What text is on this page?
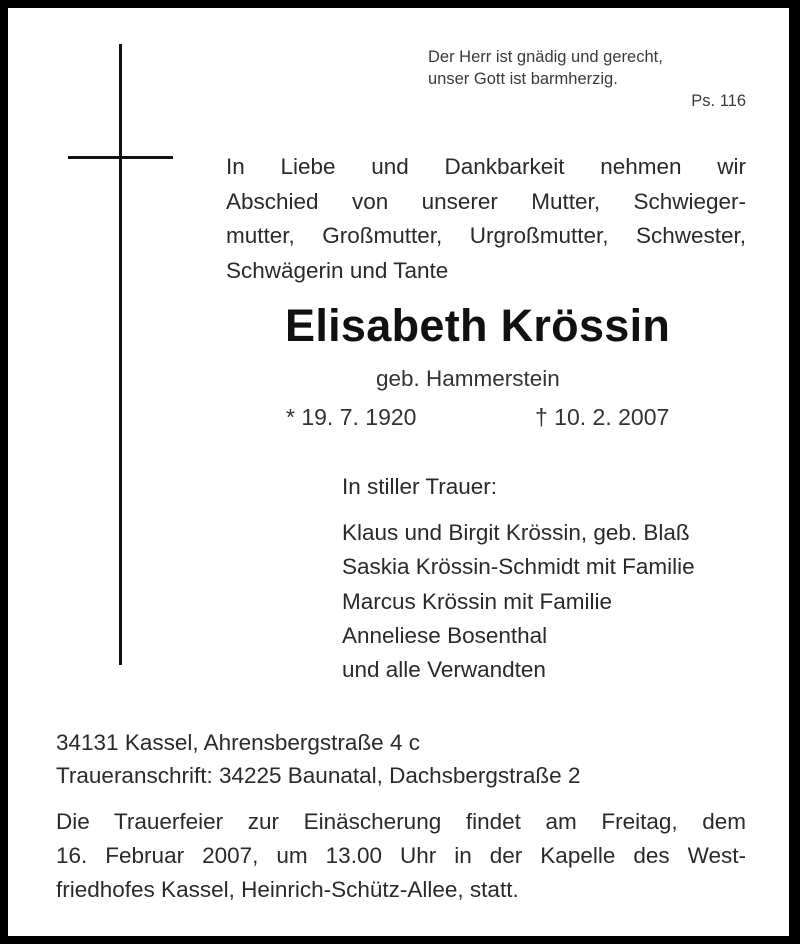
Der Herr ist gnädig und gerecht,
unser Gott ist barmherzig.
Ps. 116
In Liebe und Dankbarkeit nehmen wir
Abschied von unserer Mutter, Schwieger-
mutter, Großmutter, Urgroßmutter, Schwester,
Schwägerin und Tante
Elisabeth Krössin
geb. Hammerstein
* 19. 7. 1920	† 10. 2. 2007
In stiller Trauer:
Klaus und Birgit Krössin, geb. Blaß
Saskia Krössin-Schmidt mit Familie
Marcus Krössin mit Familie
Anneliese Bosenthal
und alle Verwandten
34131 Kassel, Ahrensbergstraße 4 c
Traueranschrift: 34225 Baunatal, Dachsbergstraße 2
Die Trauerfeier zur Einäscherung findet am Freitag, dem
16. Februar 2007, um 13.00 Uhr in der Kapelle des West-
friedhofes Kassel, Heinrich-Schütz-Allee, statt.
